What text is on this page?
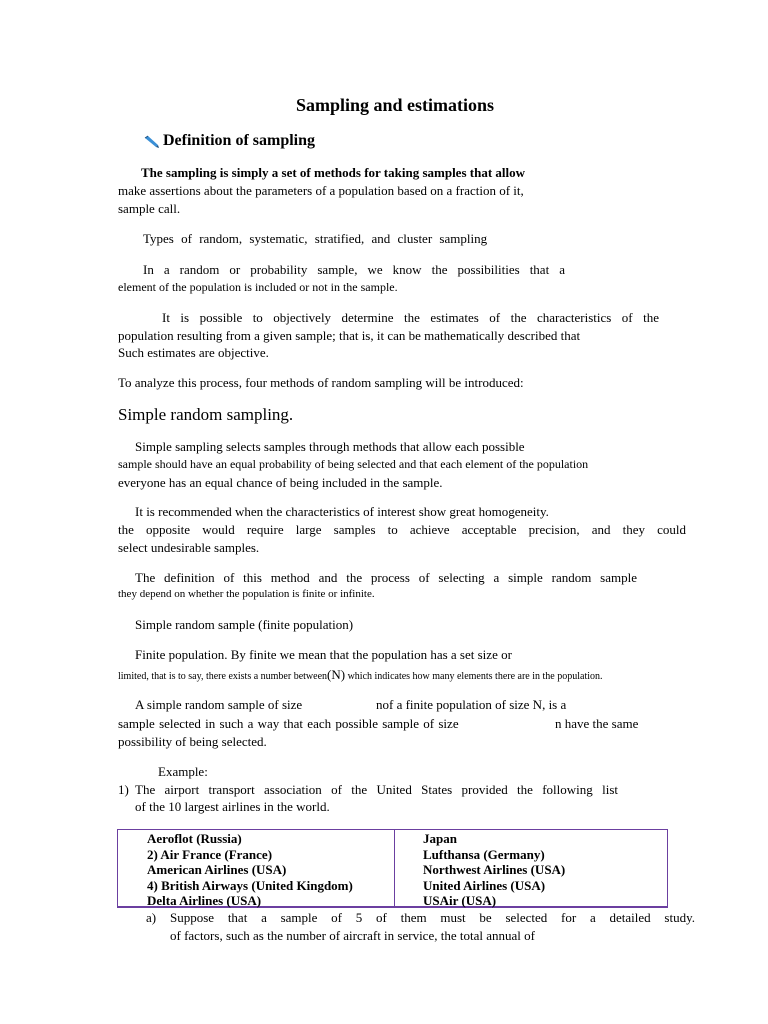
Sampling and estimations
Definition of sampling
The sampling is simply a set of methods for taking samples that allow
make assertions about the parameters of a population based on a fraction of it,
sample call.
Types of random, systematic, stratified, and cluster sampling
In a random or probability sample, we know the possibilities that a
element of the population is included or not in the sample.
It is possible to objectively determine the estimates of the characteristics of the
population resulting from a given sample; that is, it can be mathematically described that
Such estimates are objective.
To analyze this process, four methods of random sampling will be introduced:
Simple random sampling.
Simple sampling selects samples through methods that allow each possible
sample should have an equal probability of being selected and that each element of the population
everyone has an equal chance of being included in the sample.
It is recommended when the characteristics of interest show great homogeneity.
the opposite would require large samples to achieve acceptable precision, and they could
select undesirable samples.
The definition of this method and the process of selecting a simple random sample
they depend on whether the population is finite or infinite.
Simple random sample (finite population)
Finite population. By finite we mean that the population has a set size or
limited, that is to say, there exists a number between(N) which indicates how many elements there are in the population.
A simple random sample of size	nof a finite population of size N, is a
sample selected in such a way that each possible sample of size	n have the same
possibility of being selected.
Example:
1) The airport transport association of the United States provided the following list
of the 10 largest airlines in the world.
Aeroflot (Russia)
2) Air France (France)
American Airlines (USA)
4) British Airways (United Kingdom)
Delta Airlines (USA)
Japan
Lufthansa (Germany)
Northwest Airlines (USA)
United Airlines (USA)
USAir (USA)
a) Suppose that a sample of 5 of them must be selected for a detailed study.
of factors, such as the number of aircraft in service, the total annual of
